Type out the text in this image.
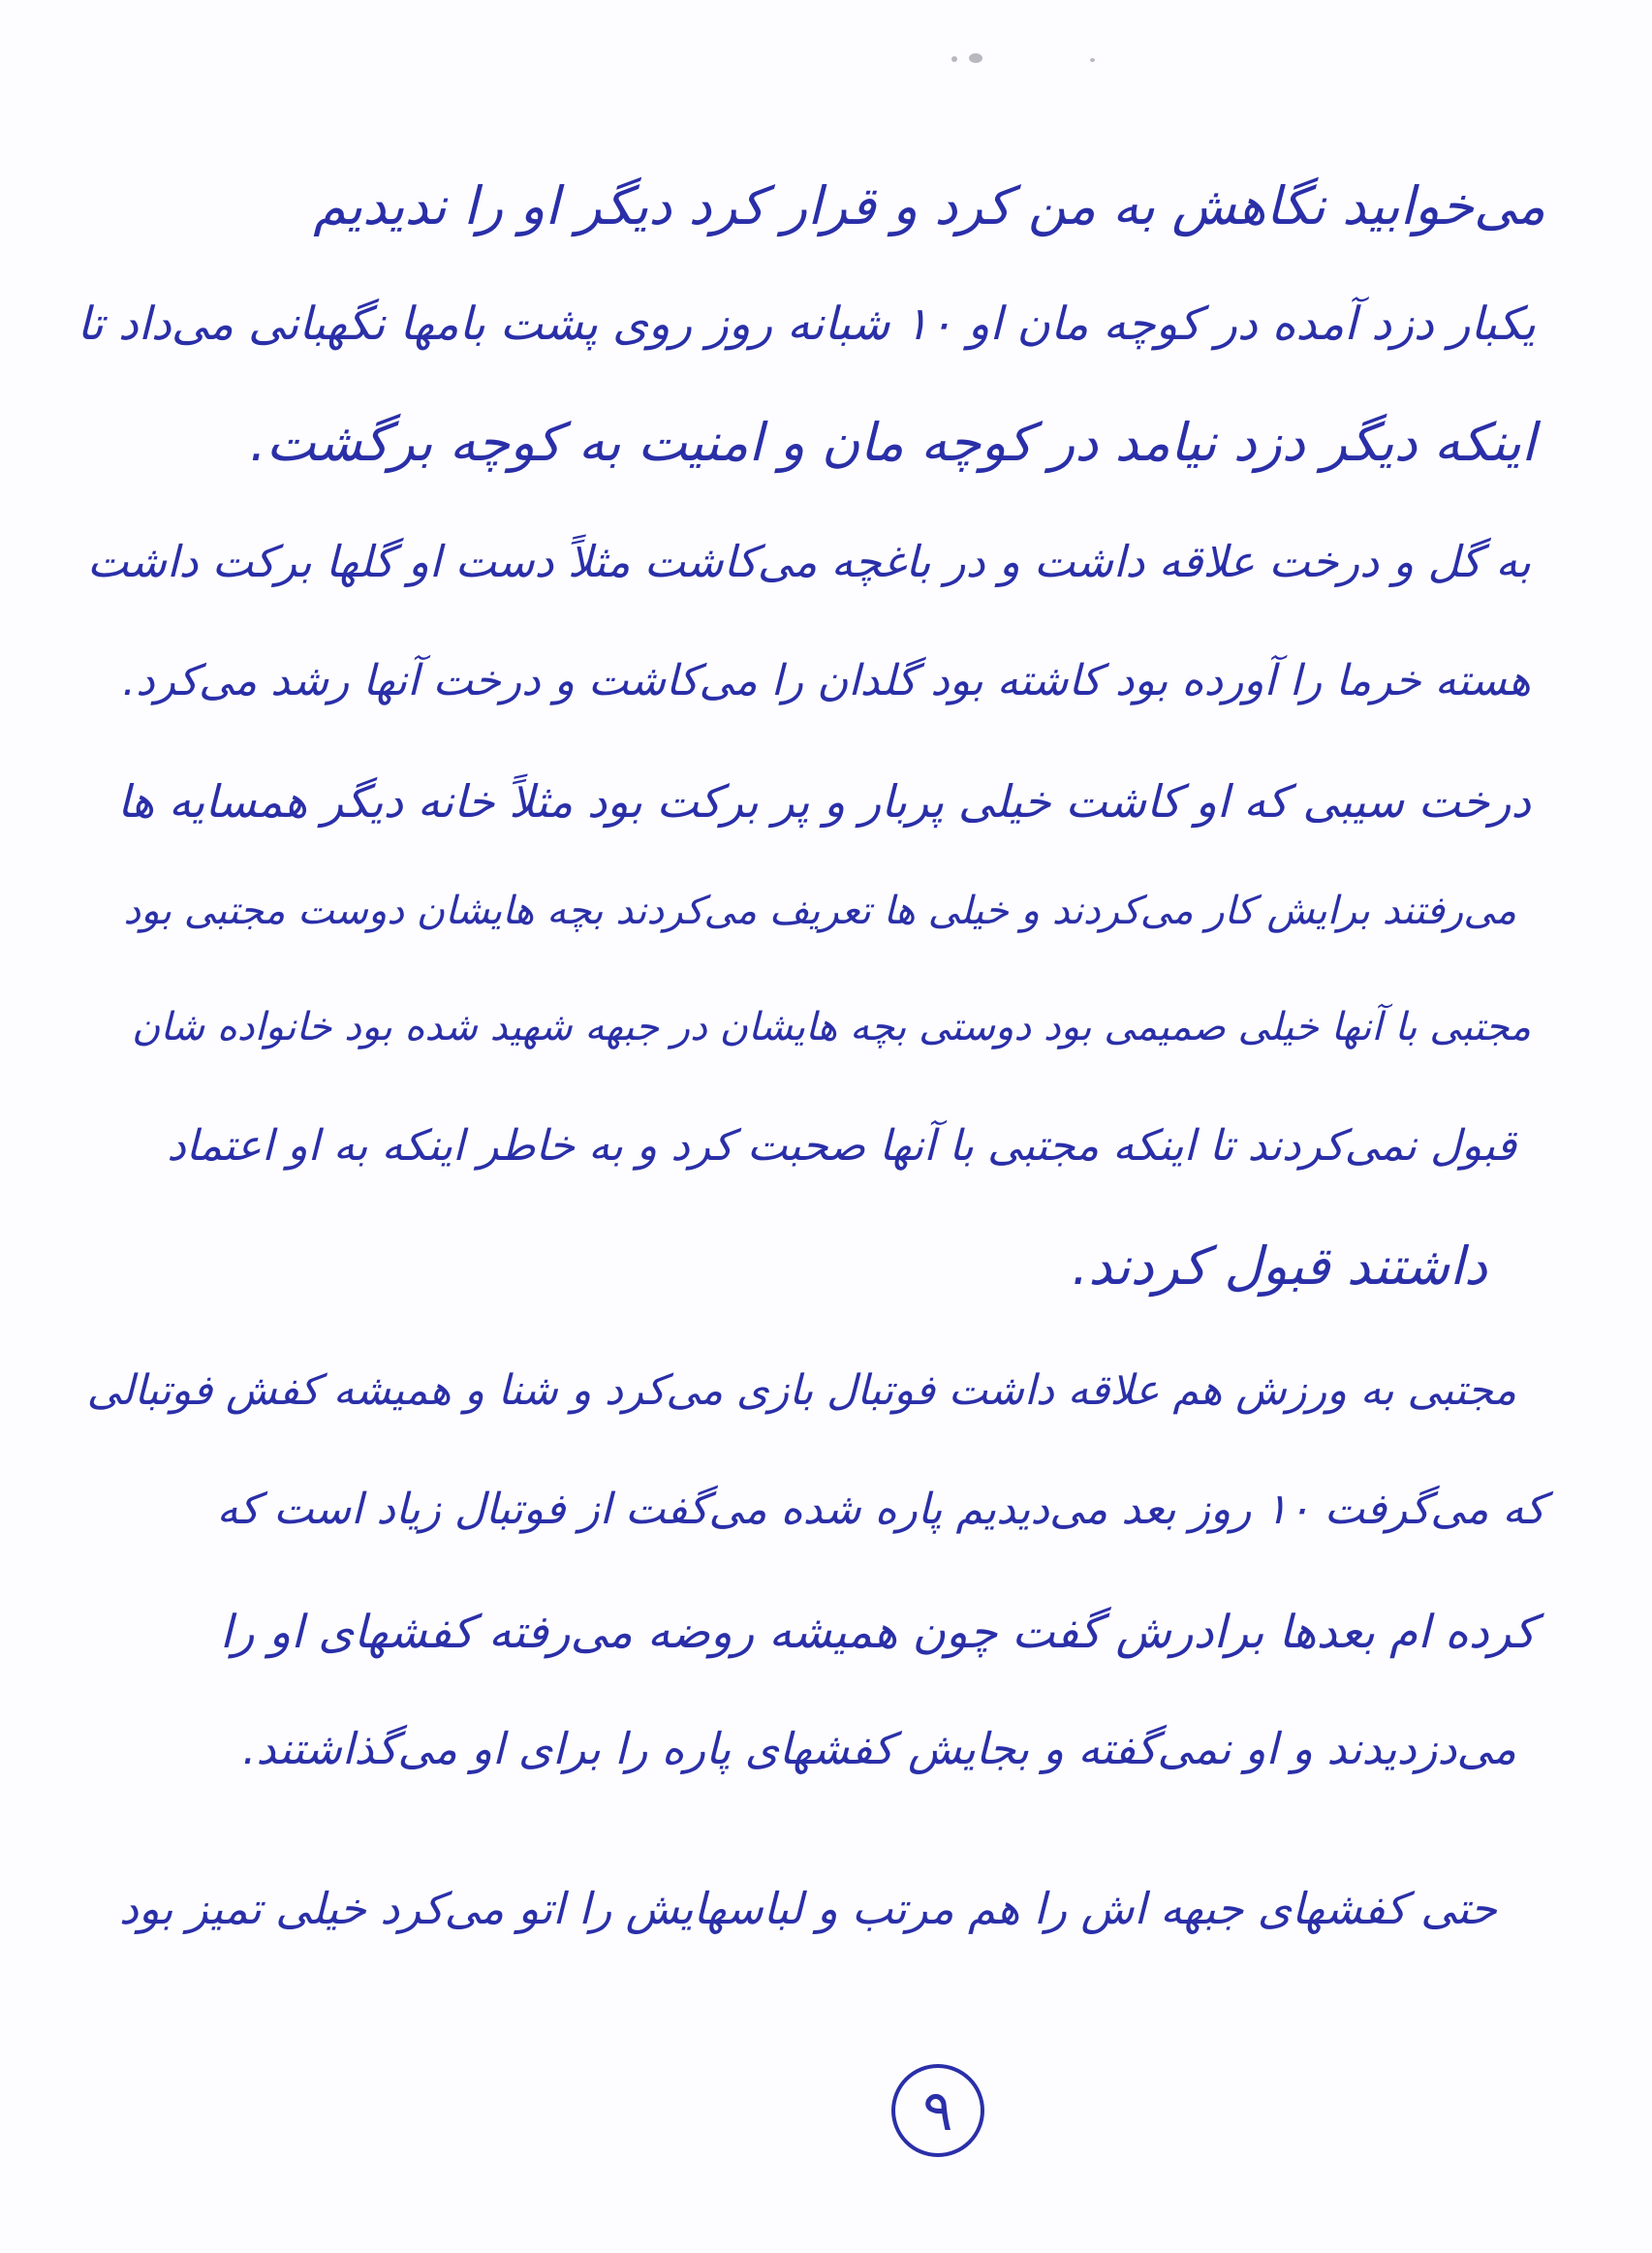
می‌خوابید نگاهش به من کرد و قرار کرد دیگر او را ندیدیم
یکبار دزد آمده در کوچه مان او ۱۰ شبانه روز روی پشت بامها نگهبانی می‌داد تا
اینکه دیگر دزد نیامد در کوچه مان و امنیت به کوچه برگشت.
به گل و درخت علاقه داشت و در باغچه می‌کاشت مثلاً دست او گلها برکت داشت
هسته خرما را آورده بود کاشته بود گلدان را می‌کاشت و درخت آنها رشد می‌کرد.
درخت سیبی که او کاشت خیلی پربار و پر برکت بود مثلاً خانه دیگر همسایه ها
می‌رفتند برایش کار می‌کردند و خیلی ها تعریف می‌کردند بچه هایشان دوست مجتبی بود
مجتبی با آنها خیلی صمیمی بود دوستی بچه هایشان در جبهه شهید شده بود خانواده شان
قبول نمی‌کردند تا اینکه مجتبی با آنها صحبت کرد و به خاطر اینکه به او اعتماد
داشتند قبول کردند.
مجتبی به ورزش هم علاقه داشت فوتبال بازی می‌کرد و شنا و همیشه کفش فوتبالی
که می‌گرفت ۱۰ روز بعد می‌دیدیم پاره شده می‌گفت از فوتبال زیاد است که
کرده ام بعدها برادرش گفت چون همیشه روضه می‌رفته کفشهای او را
می‌دزدیدند و او نمی‌گفته و بجایش کفشهای پاره را برای او می‌گذاشتند.
حتی کفشهای جبهه اش را هم مرتب و لباسهایش را اتو می‌کرد خیلی تمیز بود
۹
